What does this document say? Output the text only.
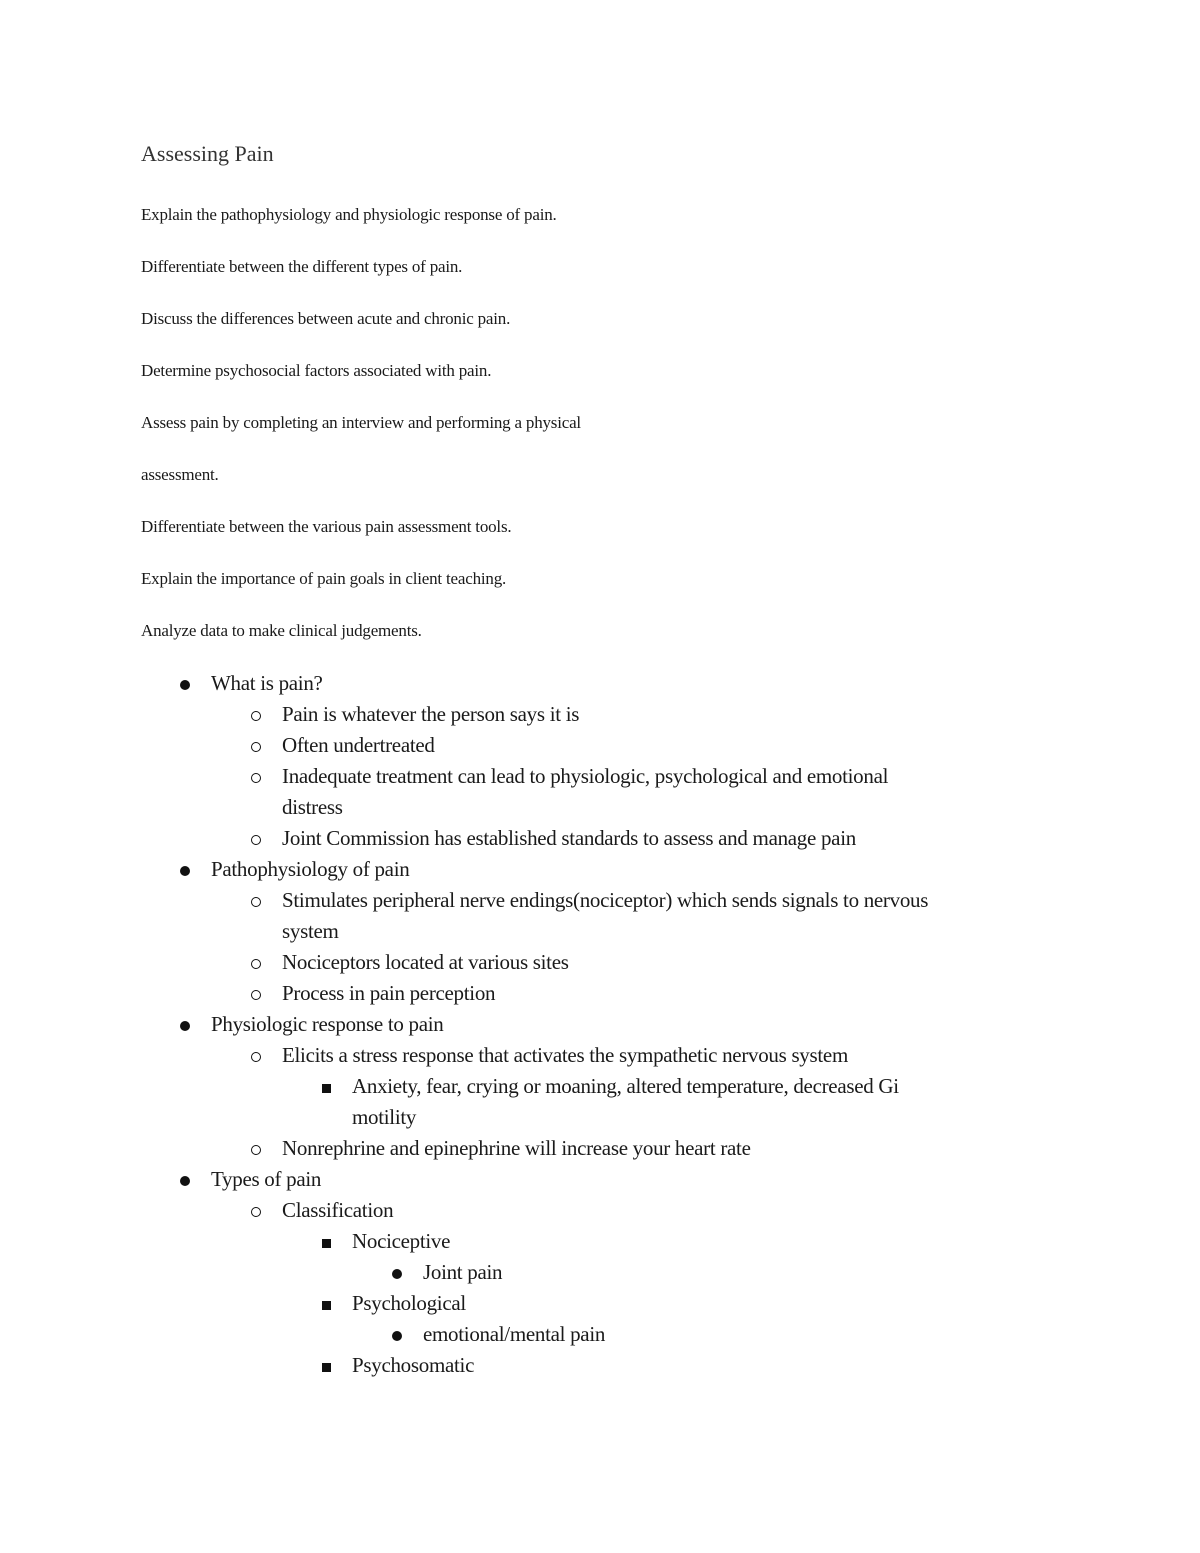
Assessing Pain
Explain the pathophysiology and physiologic response of pain.
Differentiate between the different types of pain.
Discuss the differences between acute and chronic pain.
Determine psychosocial factors associated with pain.
Assess pain by completing an interview and performing a physical
assessment.
Differentiate between the various pain assessment tools.
Explain the importance of pain goals in client teaching.
Analyze data to make clinical judgements.
What is pain?
Pain is whatever the person says it is
Often undertreated
Inadequate treatment can lead to physiologic, psychological and emotional
distress
Joint Commission has established standards to assess and manage pain
Pathophysiology of pain
Stimulates peripheral nerve endings(nociceptor) which sends signals to nervous
system
Nociceptors located at various sites
Process in pain perception
Physiologic response to pain
Elicits a stress response that activates the sympathetic nervous system
Anxiety, fear, crying or moaning, altered temperature, decreased Gi
motility
Nonrephrine and epinephrine will increase your heart rate
Types of pain
Classification
Nociceptive
Joint pain
Psychological
emotional/mental pain
Psychosomatic
